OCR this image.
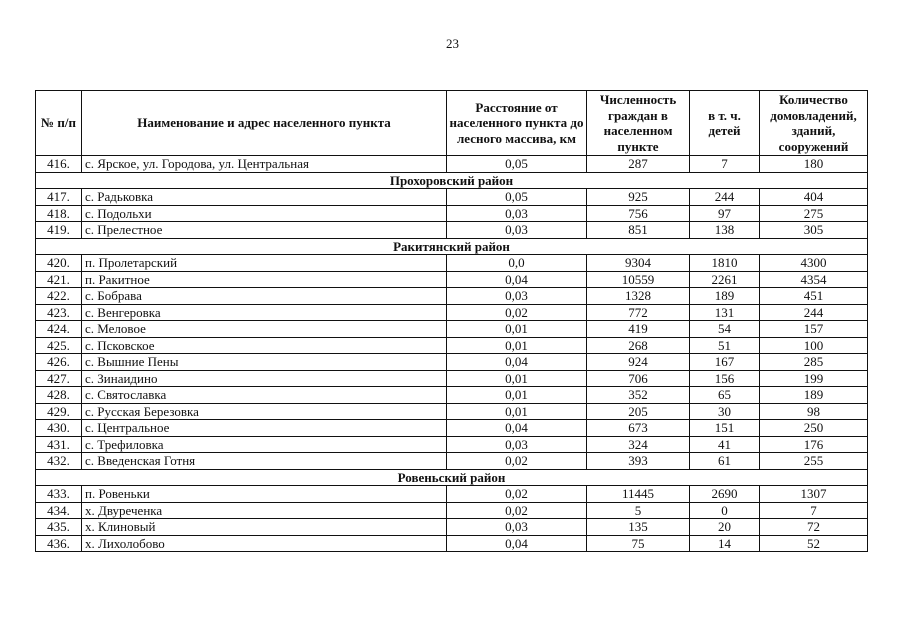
23
№ п/п	Наименование и адрес населенного пункта	Расстояние от населенного пункта до лесного массива, км	Численность граждан в населенном пункте	в т. ч. детей	Количество домовладений, зданий, сооружений
416.	с. Ярское, ул. Городова, ул. Центральная	0,05	287	7	180
Прохоровский район					
417.	с. Радьковка	0,05	925	244	404
418.	с. Подольхи	0,03	756	97	275
419.	с. Прелестное	0,03	851	138	305
Ракитянский район					
420.	п. Пролетарский	0,0	9304	1810	4300
421.	п. Ракитное	0,04	10559	2261	4354
422.	с. Бобрава	0,03	1328	189	451
423.	с. Венгеровка	0,02	772	131	244
424.	с. Меловое	0,01	419	54	157
425.	с. Псковское	0,01	268	51	100
426.	с. Вышние Пены	0,04	924	167	285
427.	с. Зинаидино	0,01	706	156	199
428.	с. Святославка	0,01	352	65	189
429.	с. Русская Березовка	0,01	205	30	98
430.	с. Центральное	0,04	673	151	250
431.	с. Трефиловка	0,03	324	41	176
432.	с. Введенская Готня	0,02	393	61	255
Ровеньский район					
433.	п. Ровеньки	0,02	11445	2690	1307
434.	х. Двуреченка	0,02	5	0	7
435.	х. Клиновый	0,03	135	20	72
436.	х. Лихолобово	0,04	75	14	52
